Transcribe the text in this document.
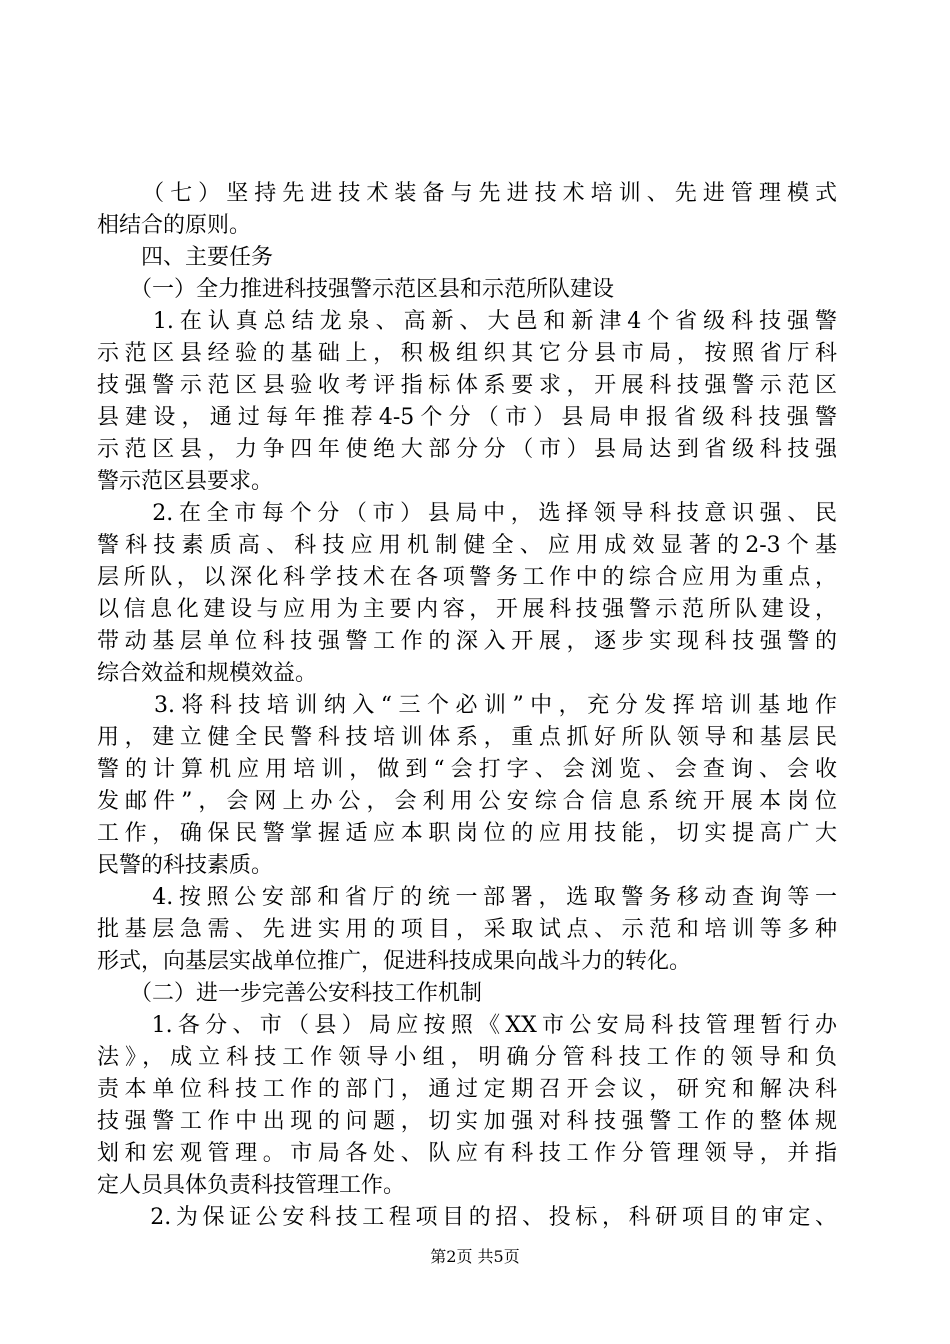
　　（七）坚持先进技术装备与先进技术培训、先进管理模式
相结合的原则。
　　四、主要任务
　　（一）全力推进科技强警示范区县和示范所队建设
　　1.在认真总结龙泉、高新、大邑和新津4个省级科技强警
示范区县经验的基础上，积极组织其它分县市局，按照省厅科
技强警示范区县验收考评指标体系要求，开展科技强警示范区
县建设，通过每年推荐4-5个分（市）县局申报省级科技强警
示范区县，力争四年使绝大部分分（市）县局达到省级科技强
警示范区县要求。
　　2.在全市每个分（市）县局中，选择领导科技意识强、民
警科技素质高、科技应用机制健全、应用成效显著的2-3个基
层所队，以深化科学技术在各项警务工作中的综合应用为重点，
以信息化建设与应用为主要内容，开展科技强警示范所队建设，
带动基层单位科技强警工作的深入开展，逐步实现科技强警的
综合效益和规模效益。
　　3.将科技培训纳入“三个必训”中，充分发挥培训基地作
用，建立健全民警科技培训体系，重点抓好所队领导和基层民
警的计算机应用培训，做到“会打字、会浏览、会查询、会收
发邮件”，会网上办公，会利用公安综合信息系统开展本岗位
工作，确保民警掌握适应本职岗位的应用技能，切实提高广大
民警的科技素质。
　　4.按照公安部和省厅的统一部署，选取警务移动查询等一
批基层急需、先进实用的项目，采取试点、示范和培训等多种
形式，向基层实战单位推广，促进科技成果向战斗力的转化。
　　（二）进一步完善公安科技工作机制
　　1.各分、市（县）局应按照《XX市公安局科技管理暂行办
法》，成立科技工作领导小组，明确分管科技工作的领导和负
责本单位科技工作的部门，通过定期召开会议，研究和解决科
技强警工作中出现的问题，切实加强对科技强警工作的整体规
划和宏观管理。市局各处、队应有科技工作分管理领导，并指
定人员具体负责科技管理工作。
　　2.为保证公安科技工程项目的招、投标，科研项目的审定、
第2页 共5页
